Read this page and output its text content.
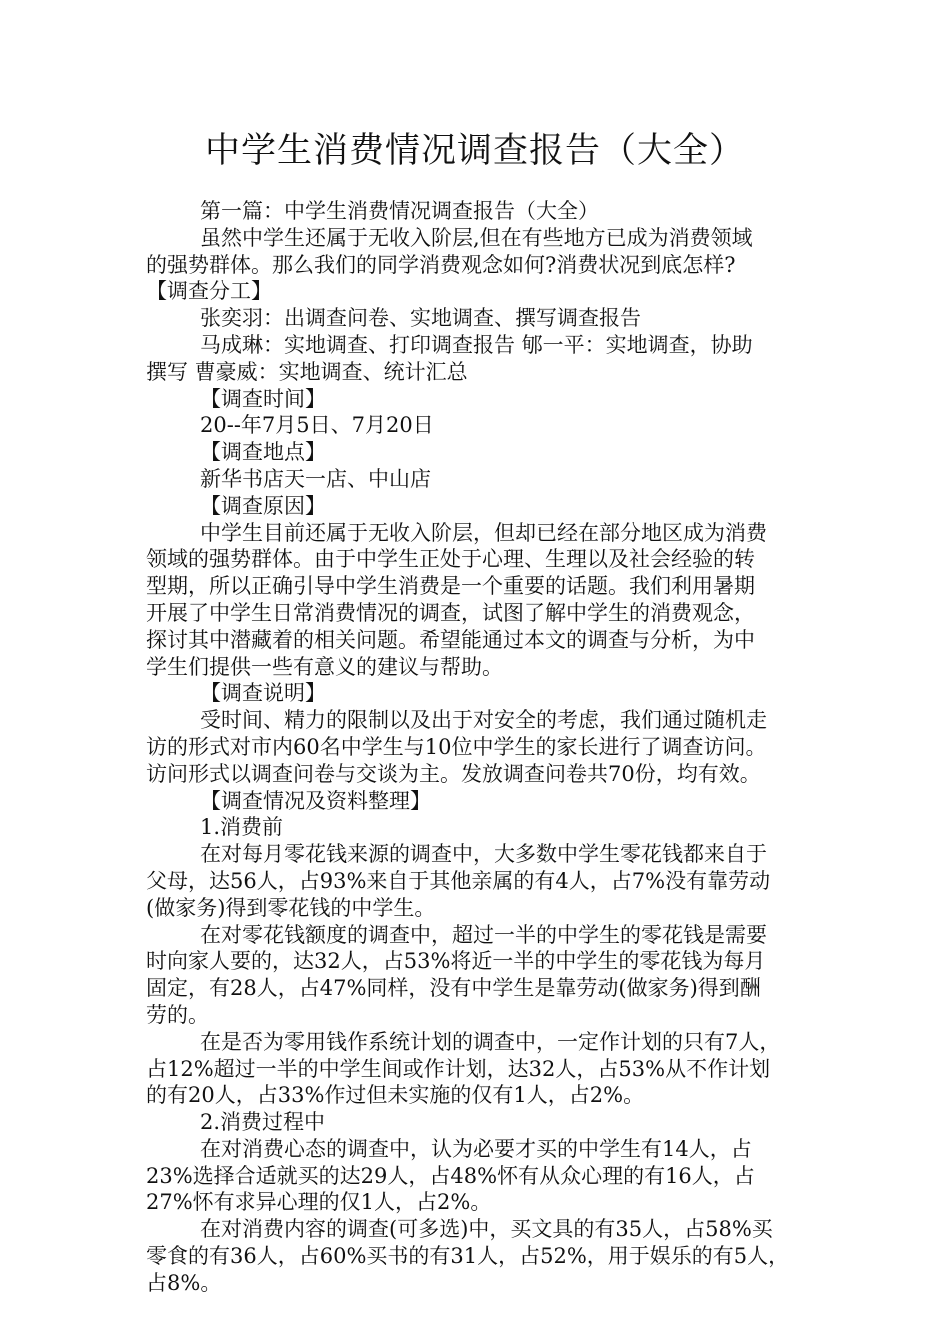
中学生消费情况调查报告（大全）
第一篇：中学生消费情况调查报告（大全）
虽然中学生还属于无收入阶层,但在有些地方已成为消费领域
的强势群体。那么我们的同学消费观念如何?消费状况到底怎样?
【调查分工】
张奕羽：出调查问卷、实地调查、撰写调查报告
马成琳：实地调查、打印调查报告 郇一平：实地调查，协助
撰写 曹豪威：实地调查、统计汇总
【调查时间】
20--年7月5日、7月20日
【调查地点】
新华书店天一店、中山店
【调查原因】
中学生目前还属于无收入阶层，但却已经在部分地区成为消费
领域的强势群体。由于中学生正处于心理、生理以及社会经验的转
型期，所以正确引导中学生消费是一个重要的话题。我们利用暑期
开展了中学生日常消费情况的调查，试图了解中学生的消费观念，
探讨其中潜藏着的相关问题。希望能通过本文的调查与分析，为中
学生们提供一些有意义的建议与帮助。
【调查说明】
受时间、精力的限制以及出于对安全的考虑，我们通过随机走
访的形式对市内60名中学生与10位中学生的家长进行了调查访问。
访问形式以调查问卷与交谈为主。发放调查问卷共70份，均有效。
【调查情况及资料整理】
1.消费前
在对每月零花钱来源的调查中，大多数中学生零花钱都来自于
父母，达56人，占93%来自于其他亲属的有4人，占7%没有靠劳动
(做家务)得到零花钱的中学生。
在对零花钱额度的调查中，超过一半的中学生的零花钱是需要
时向家人要的，达32人，占53%将近一半的中学生的零花钱为每月
固定，有28人，占47%同样，没有中学生是靠劳动(做家务)得到酬
劳的。
在是否为零用钱作系统计划的调查中，一定作计划的只有7人，
占12%超过一半的中学生间或作计划，达32人，占53%从不作计划
的有20人，占33%作过但未实施的仅有1人，占2%。
2.消费过程中
在对消费心态的调查中，认为必要才买的中学生有14人，占
23%选择合适就买的达29人，占48%怀有从众心理的有16人，占
27%怀有求异心理的仅1人，占2%。
在对消费内容的调查(可多选)中，买文具的有35人，占58%买
零食的有36人，占60%买书的有31人，占52%，用于娱乐的有5人，
占8%。
